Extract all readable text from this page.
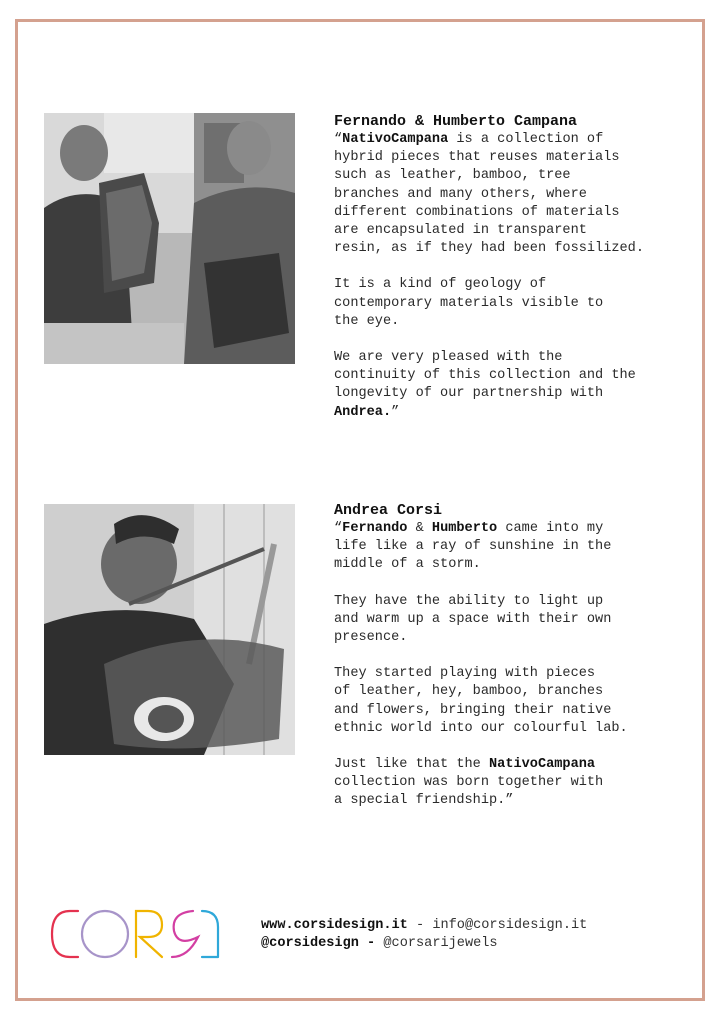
Fernando & Humberto Campana

“NativoCampana is a collection of
hybrid pieces that reuses materials
such as leather, bamboo, tree
branches and many others, where
different combinations of materials
are encapsulated in transparent
resin, as if they had been fossilized.

It is a kind of geology of
contemporary materials visible to
the eye.

We are very pleased with the
continuity of this collection and the
longevity of our partnership with
Andrea.”

Andrea Corsi

“Fernando & Humberto came into my
life like a ray of sunshine in the
middle of a storm.

They have the ability to light up
and warm up a space with their own
presence.

They started playing with pieces
of leather, hey, bamboo, branches
and flowers, bringing their native
ethnic world into our colourful lab.

Just like that the NativoCampana
collection was born together with
a special friendship.”

www.corsidesign.it - info@corsidesign.it
@corsidesign - @corsarijewels
